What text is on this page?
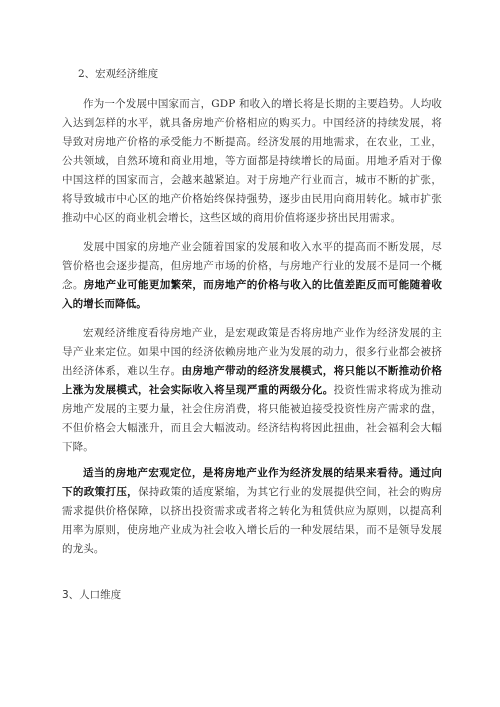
2、宏观经济维度
作为一个发展中国家而言，GDP 和收入的增长将是长期的主要趋势。人均收入达到怎样的水平，就具备房地产价格相应的购买力。中国经济的持续发展，将导致对房地产价格的承受能力不断提高。经济发展的用地需求，在农业，工业，公共领域，自然环境和商业用地，等方面都是持续增长的局面。用地矛盾对于像中国这样的国家而言，会越来越紧迫。对于房地产行业而言，城市不断的扩张，将导致城市中心区的地产价格始终保持强势，逐步由民用向商用转化。城市扩张推动中心区的商业机会增长，这些区域的商用价值将逐步挤出民用需求。
发展中国家的房地产业会随着国家的发展和收入水平的提高而不断发展，尽管价格也会逐步提高，但房地产市场的价格，与房地产行业的发展不是同一个概念。房地产业可能更加繁荣，而房地产的价格与收入的比值差距反而可能随着收入的增长而降低。
宏观经济维度看待房地产业，是宏观政策是否将房地产业作为经济发展的主导产业来定位。如果中国的经济依赖房地产业为发展的动力，很多行业都会被挤出经济体系，难以生存。由房地产带动的经济发展模式，将只能以不断推动价格上涨为发展模式，社会实际收入将呈现严重的两级分化。投资性需求将成为推动房地产发展的主要力量，社会住房消费，将只能被迫接受投资性房产需求的盘，不但价格会大幅涨升，而且会大幅波动。经济结构将因此扭曲，社会福利会大幅下降。
适当的房地产宏观定位，是将房地产业作为经济发展的结果来看待。通过向下的政策打压，保持政策的适度紧缩，为其它行业的发展提供空间，社会的购房需求提供价格保障，以挤出投资需求或者将之转化为租赁供应为原则，以提高利用率为原则，使房地产业成为社会收入增长后的一种发展结果，而不是领导发展的龙头。
3、人口维度
